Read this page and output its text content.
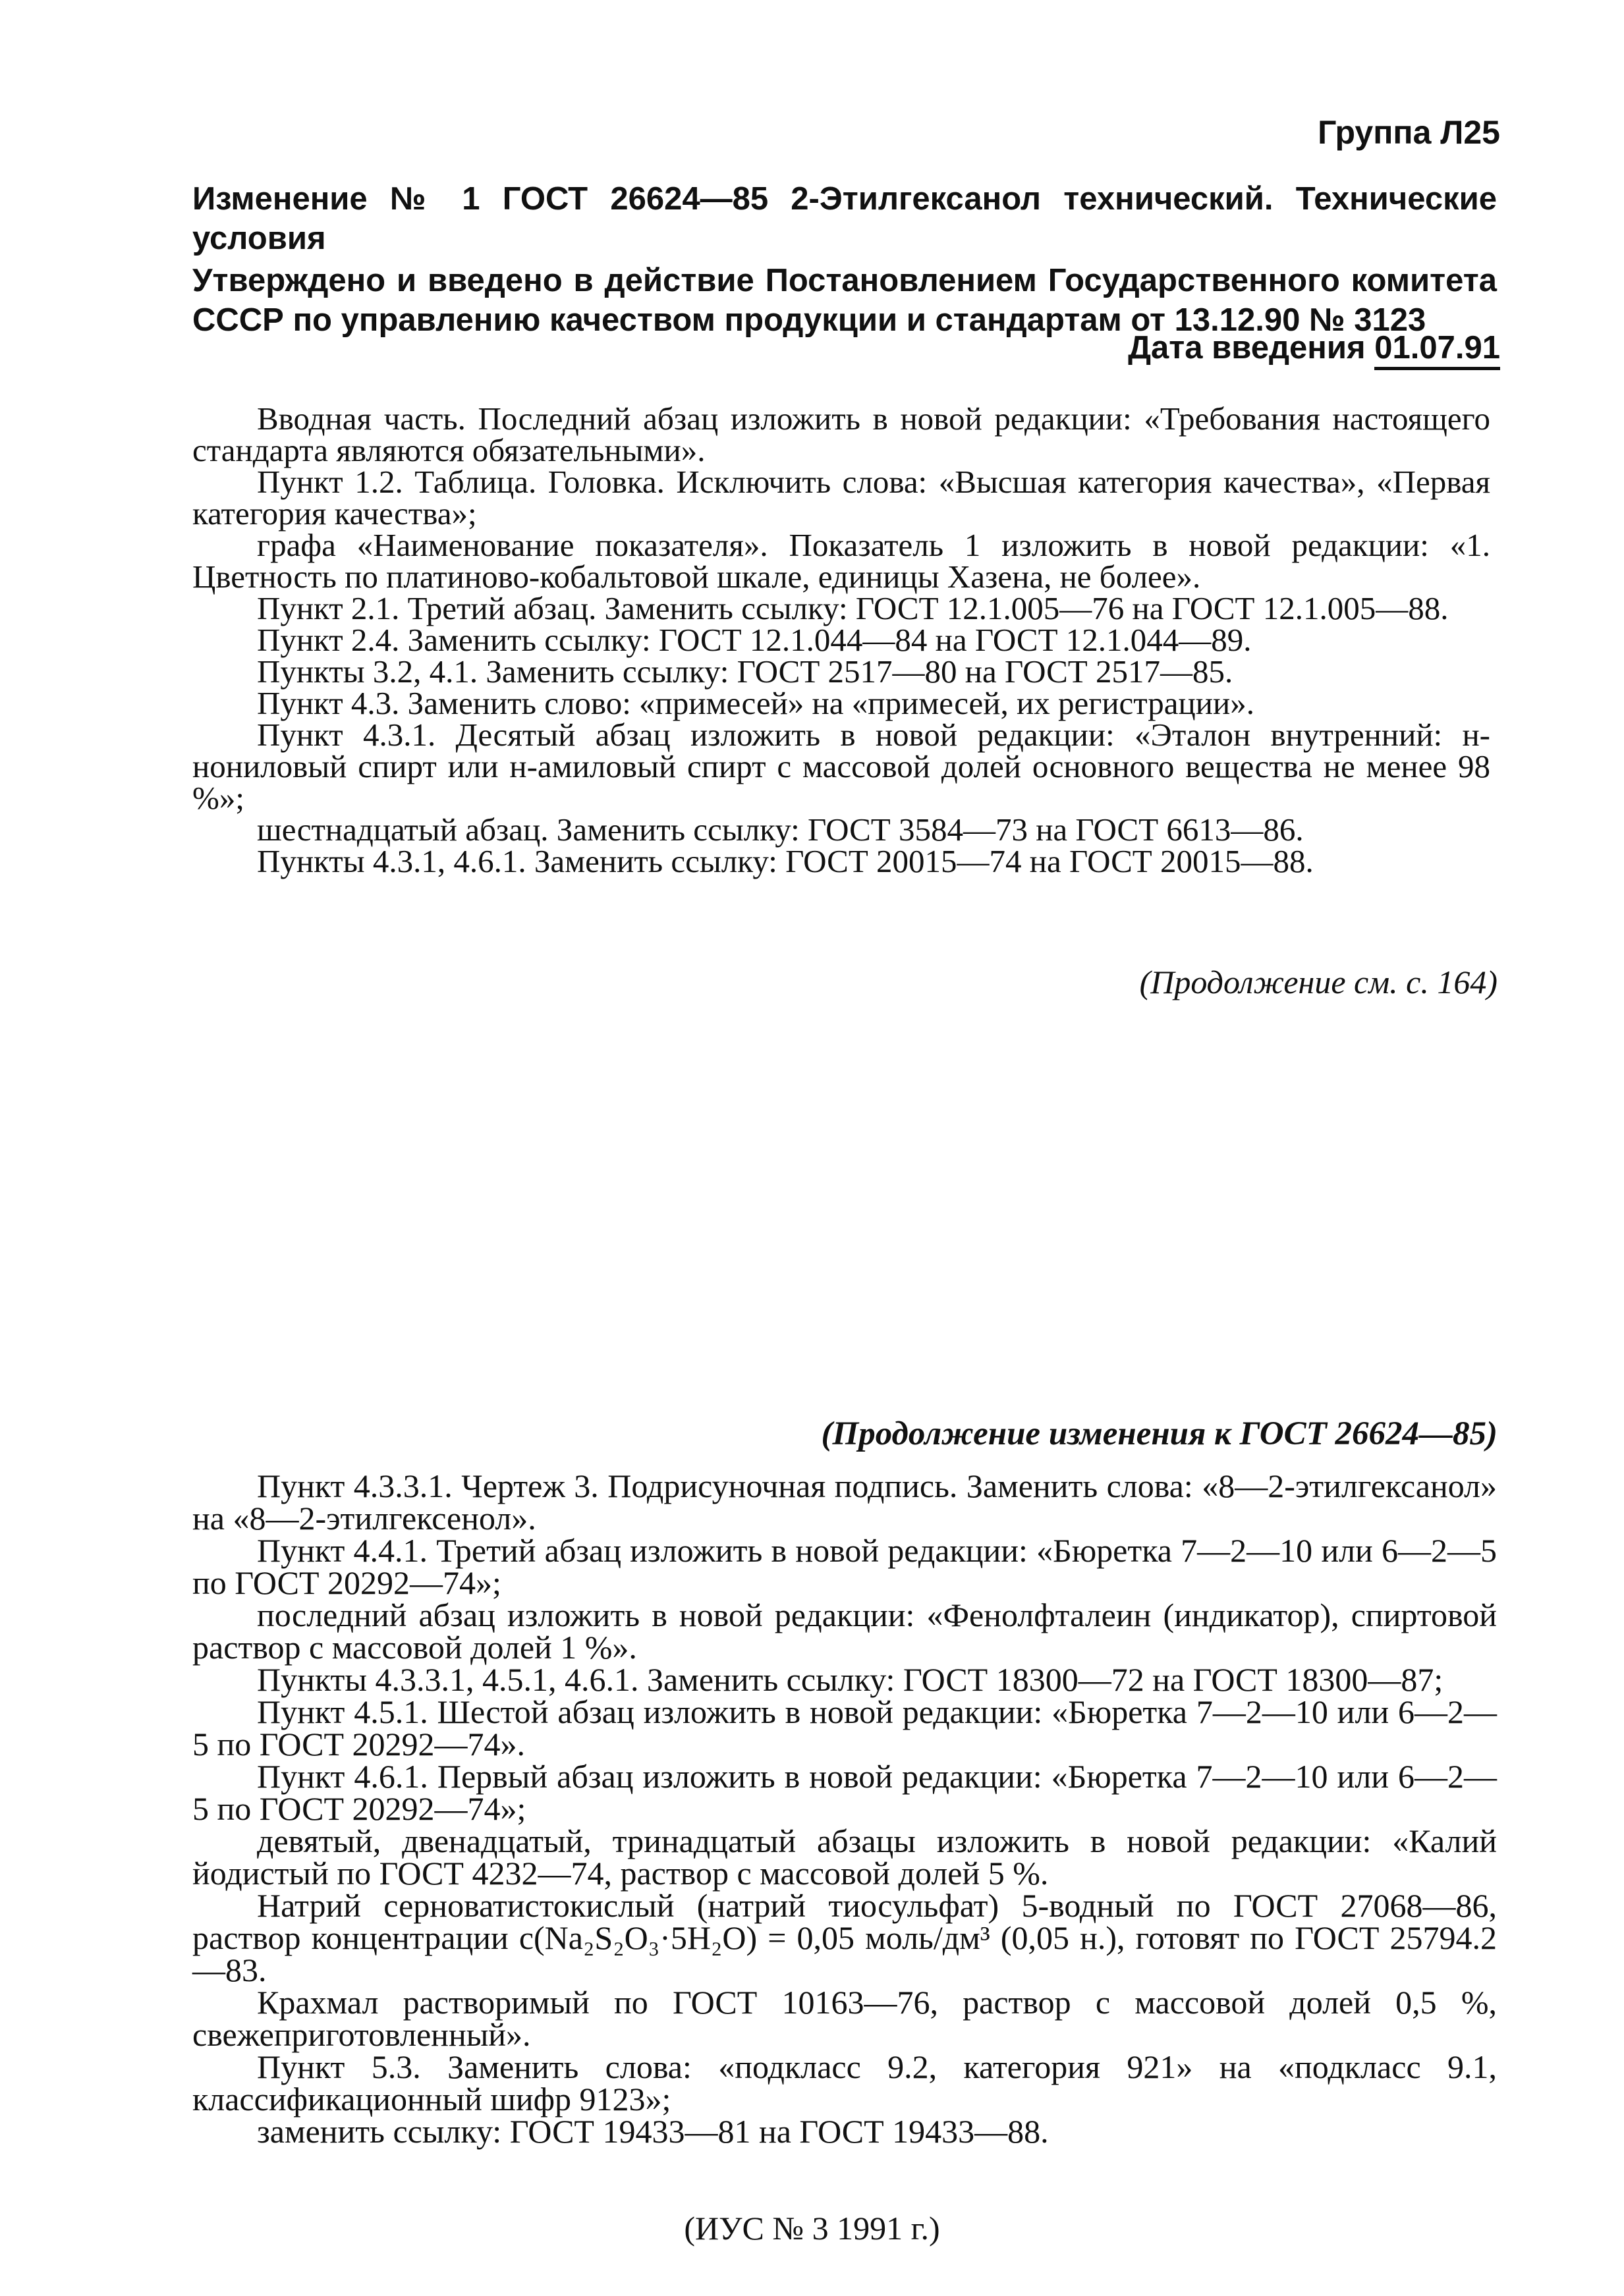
Группа Л25
Изменение № 1 ГОСТ 26624—85 2-Этилгексанол технический. Технические условия
Утверждено и введено в действие Постановлением Государственного комитета СССР по управлению качеством продукции и стандартам от 13.12.90 № 3123
Дата введения 01.07.91

Вводная часть. Последний абзац изложить в новой редакции: «Требования настоящего стандарта являются обязательными».

Пункт 1.2. Таблица. Головка. Исключить слова: «Высшая категория качества», «Первая категория качества»;

графа «Наименование показателя». Показатель 1 изложить в новой редакции: «1. Цветность по платиново-кобальтовой шкале, единицы Хазена, не более».

Пункт 2.1. Третий абзац. Заменить ссылку: ГОСТ 12.1.005—76 на ГОСТ 12.1.005—88.

Пункт 2.4. Заменить ссылку: ГОСТ 12.1.044—84 на ГОСТ 12.1.044—89.

Пункты 3.2, 4.1. Заменить ссылку: ГОСТ 2517—80 на ГОСТ 2517—85.

Пункт 4.3. Заменить слово: «примесей» на «примесей, их регистрации».

Пункт 4.3.1. Десятый абзац изложить в новой редакции: «Эталон внутренний: н-нониловый спирт или н-амиловый спирт с массовой долей основного вещества не менее 98 %»;

шестнадцатый абзац. Заменить ссылку: ГОСТ 3584—73 на ГОСТ 6613—86.

Пункты 4.3.1, 4.6.1. Заменить ссылку: ГОСТ 20015—74 на ГОСТ 20015—88.

(Продолжение см. с. 164)
(Продолжение изменения к ГОСТ 26624—85)

Пункт 4.3.3.1. Чертеж 3. Подрисуночная подпись. Заменить слова: «8—2-этилгексанол» на «8—2-этилгексенол».

Пункт 4.4.1. Третий абзац изложить в новой редакции: «Бюретка 7—2—10 или 6—2—5 по ГОСТ 20292—74»;

последний абзац изложить в новой редакции: «Фенолфталеин (индикатор), спиртовой раствор с массовой долей 1 %».

Пункты 4.3.3.1, 4.5.1, 4.6.1. Заменить ссылку: ГОСТ 18300—72 на ГОСТ 18300—87;

Пункт 4.5.1. Шестой абзац изложить в новой редакции: «Бюретка 7—2—10 или 6—2—5 по ГОСТ 20292—74».

Пункт 4.6.1. Первый абзац изложить в новой редакции: «Бюретка 7—2—10 или 6—2—5 по ГОСТ 20292—74»;

девятый, двенадцатый, тринадцатый абзацы изложить в новой редакции: «Калий йодистый по ГОСТ 4232—74, раствор с массовой долей 5 %.

Натрий серноватистокислый (натрий тиосульфат) 5-водный по ГОСТ 27068—86, раствор концентрации c(Na₂S₂O₃·5H₂O) = 0,05 моль/дм³ (0,05 н.), готовят по ГОСТ 25794.2—83.

Крахмал растворимый по ГОСТ 10163—76, раствор с массовой долей 0,5 %, свежеприготовленный».

Пункт 5.3. Заменить слова: «подкласс 9.2, категория 921» на «подкласс 9.1, классификационный шифр 9123»;

заменить ссылку: ГОСТ 19433—81 на ГОСТ 19433—88.

(ИУС № 3 1991 г.)
